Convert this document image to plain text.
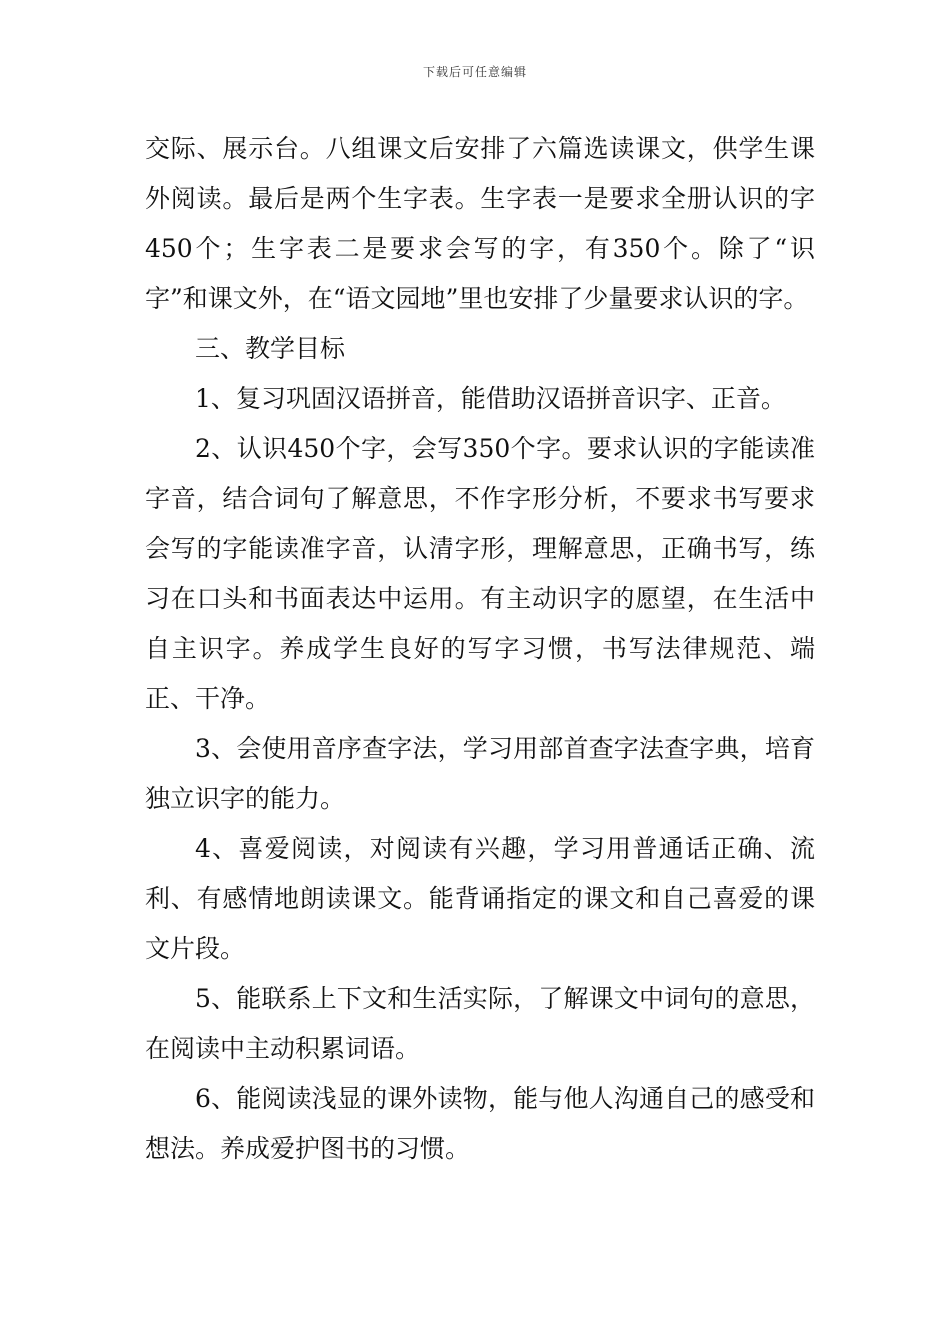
下载后可任意编辑

交际、展示台。八组课文后安排了六篇选读课文，供学生课外阅读。最后是两个生字表。生字表一是要求全册认识的字450个；生字表二是要求会写的字，有350个。除了“识字”和课文外，在“语文园地”里也安排了少量要求认识的字。

三、教学目标

1、复习巩固汉语拼音，能借助汉语拼音识字、正音。

2、认识450个字，会写350个字。要求认识的字能读准字音，结合词句了解意思，不作字形分析，不要求书写要求会写的字能读准字音，认清字形，理解意思，正确书写，练习在口头和书面表达中运用。有主动识字的愿望，在生活中自主识字。养成学生良好的写字习惯，书写法律规范、端正、干净。

3、会使用音序查字法，学习用部首查字法查字典，培育独立识字的能力。

4、喜爱阅读，对阅读有兴趣，学习用普通话正确、流利、有感情地朗读课文。能背诵指定的课文和自己喜爱的课文片段。

5、能联系上下文和生活实际，了解课文中词句的意思，在阅读中主动积累词语。

6、能阅读浅显的课外读物，能与他人沟通自己的感受和想法。养成爱护图书的习惯。
